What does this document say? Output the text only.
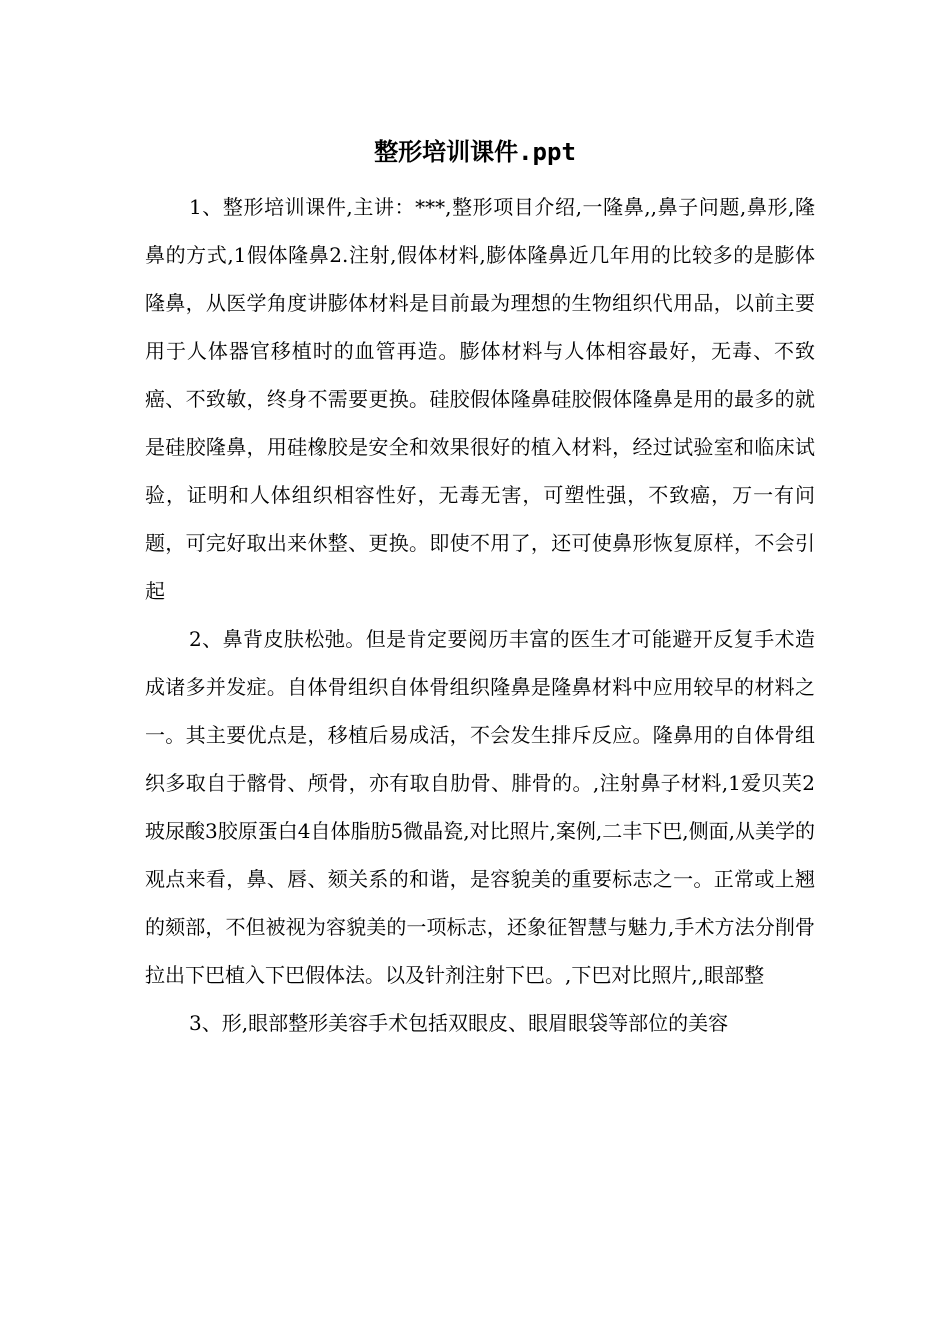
整形培训课件.ppt

1、整形培训课件,主讲：***,整形项目介绍,一隆鼻,,鼻子问题,鼻形,隆鼻的方式,1假体隆鼻2.注射,假体材料,膨体隆鼻近几年用的比较多的是膨体隆鼻，从医学角度讲膨体材料是目前最为理想的生物组织代用品，以前主要用于人体器官移植时的血管再造。膨体材料与人体相容最好，无毒、不致癌、不致敏，终身不需要更换。硅胶假体隆鼻硅胶假体隆鼻是用的最多的就是硅胶隆鼻，用硅橡胶是安全和效果很好的植入材料，经过试验室和临床试验，证明和人体组织相容性好，无毒无害，可塑性强，不致癌，万一有问题，可完好取出来休整、更换。即使不用了，还可使鼻形恢复原样，不会引起

2、鼻背皮肤松弛。但是肯定要阅历丰富的医生才可能避开反复手术造成诸多并发症。自体骨组织自体骨组织隆鼻是隆鼻材料中应用较早的材料之一。其主要优点是，移植后易成活，不会发生排斥反应。隆鼻用的自体骨组织多取自于髂骨、颅骨，亦有取自肋骨、腓骨的。,注射鼻子材料,1爱贝芙2玻尿酸3胶原蛋白4自体脂肪5微晶瓷,对比照片,案例,二丰下巴,侧面,从美学的观点来看，鼻、唇、颏关系的和谐，是容貌美的重要标志之一。正常或上翘的颏部，不但被视为容貌美的一项标志，还象征智慧与魅力,手术方法分削骨拉出下巴植入下巴假体法。以及针剂注射下巴。,下巴对比照片,,眼部整

3、形,眼部整形美容手术包括双眼皮、眼眉眼袋等部位的美容
